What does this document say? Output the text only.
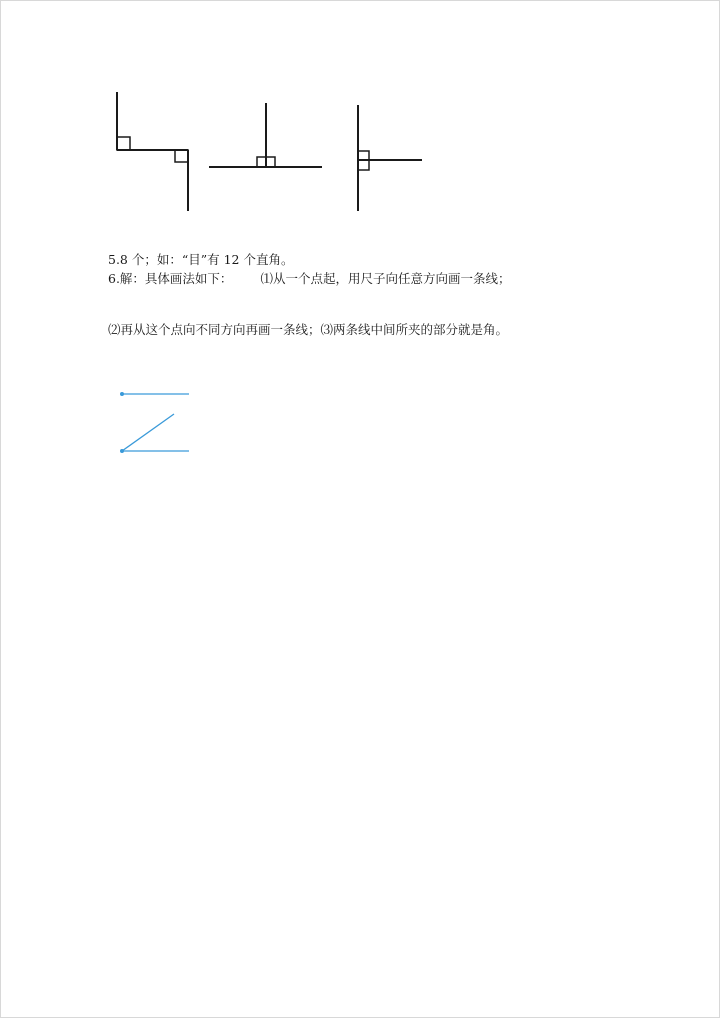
5.8 个；如：“目”有 12 个直角。
6.解：具体画法如下： ⑴从一个点起，用尺子向任意方向画一条线；
⑵再从这个点向不同方向再画一条线；⑶两条线中间所夹的部分就是角。
